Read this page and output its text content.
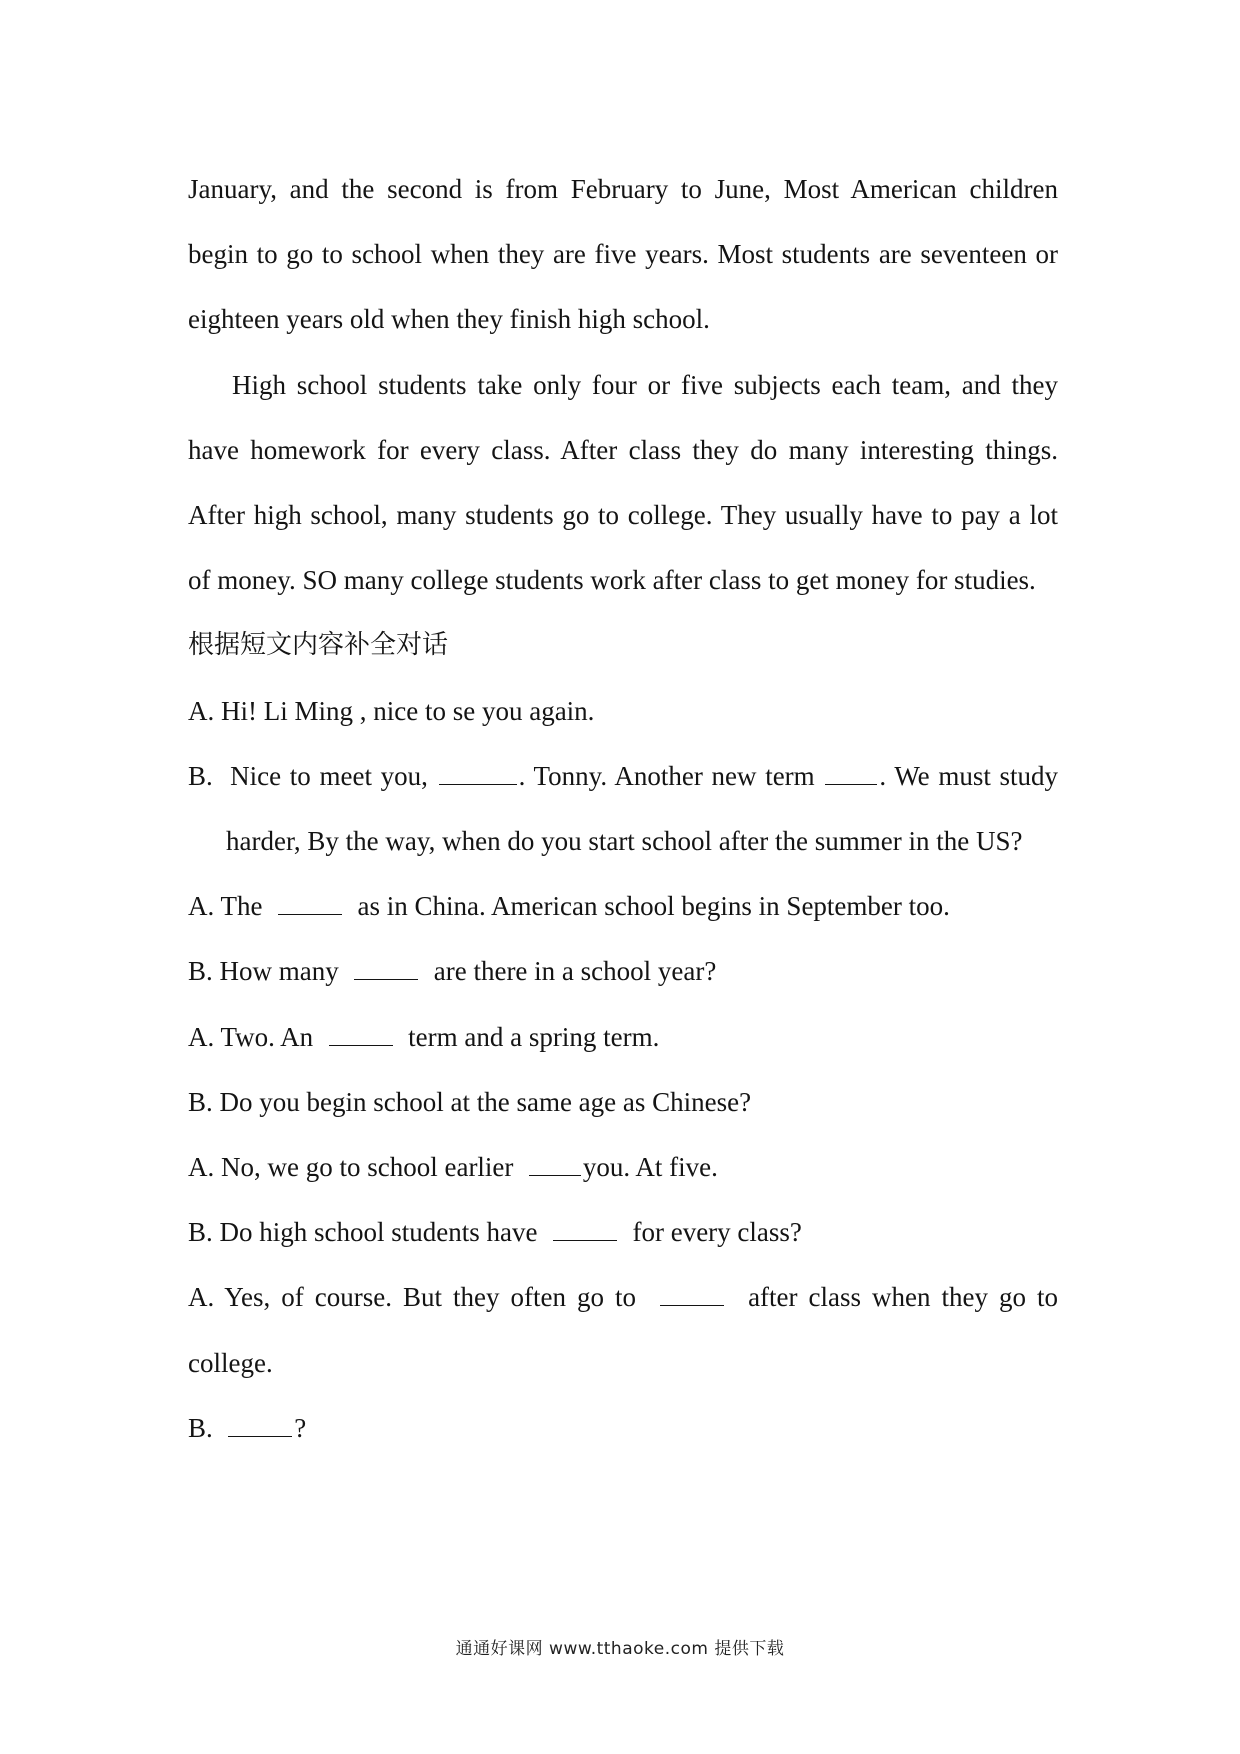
January, and the second is from February to June, Most American children begin to go to school when they are five years. Most students are seventeen or eighteen years old when they finish high school.

High school students take only four or five subjects each team, and they have homework for every class. After class they do many interesting things. After high school, many students go to college. They usually have to pay a lot of money. SO many college students work after class to get money for studies.

根据短文内容补全对话

A. Hi! Li Ming , nice to se you again.

B.  Nice to meet you,	. Tonny. Another new term . We must study harder, By the way, when do you start school after the summer in the US?

A. The	as in China. American school begins in September too.

B. How many	are there in a school year?

A. Two. An	term and a spring term.

B. Do you begin school at the same age as Chinese?

A. No, we go to school earlier	you. At five.

B. Do high school students have	for every class?

A. Yes, of course. But they often go to	after class when they go to college.

B.	?

通通好课网 www.tthaoke.com 提供下载
